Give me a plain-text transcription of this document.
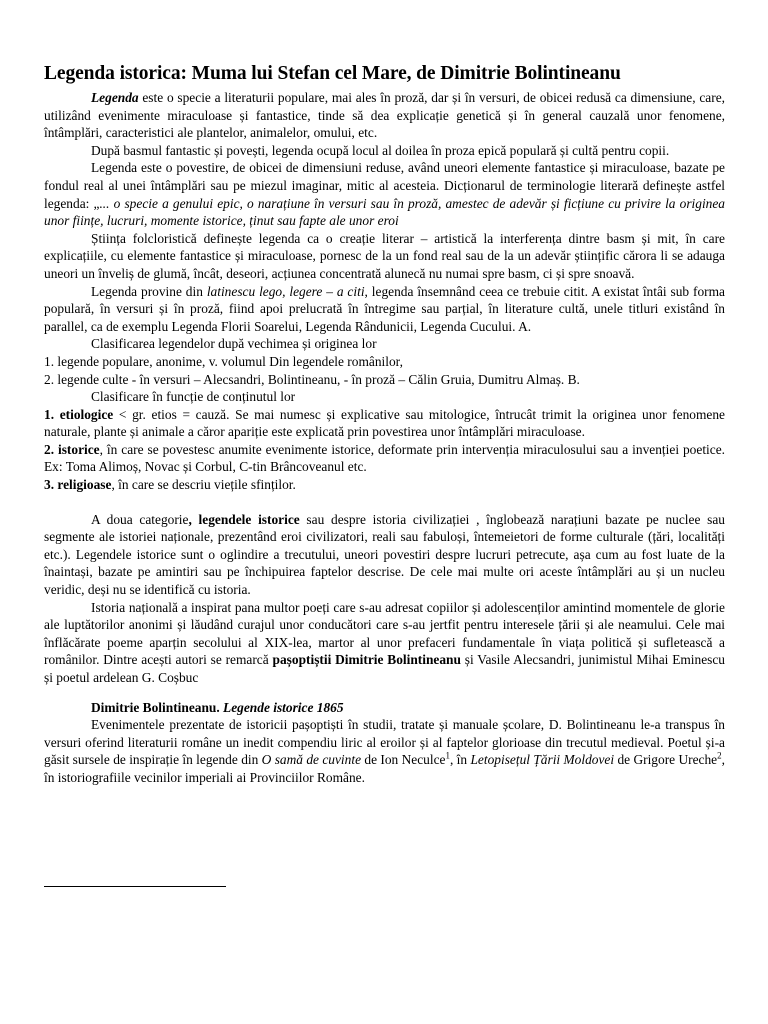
Legenda istorica: Muma lui Stefan cel Mare, de Dimitrie Bolintineanu

Legenda este o specie a literaturii populare, mai ales în proză, dar și în versuri, de obicei redusă ca dimensiune, care, utilizând evenimente miraculoase și fantastice, tinde să dea explicație genetică și în general cauzală unor fenomene, întâmplări, caracteristici ale plantelor, animalelor, omului, etc.

După basmul fantastic și povești, legenda ocupă locul al doilea în proza epică populară și cultă pentru copii.

Legenda este o povestire, de obicei de dimensiuni reduse, având uneori elemente fantastice și miraculoase, bazate pe fondul real al unei întâmplări sau pe miezul imaginar, mitic al acesteia. Dicționarul de terminologie literară definește astfel legenda: „... o specie a genului epic, o narațiune în versuri sau în proză, amestec de adevăr și ficțiune cu privire la originea unor ființe, lucruri, momente istorice, ținut sau fapte ale unor eroi

Știința folcloristică definește legenda ca o creație literar – artistică la interferența dintre basm și mit, în care explicațiile, cu elemente fantastice și miraculoase, pornesc de la un fond real sau de la un adevăr științific cărora li se adauga uneori un înveliș de glumă, încât, deseori, acțiunea concentrată alunecă nu numai spre basm, ci și spre snoavă.

Legenda provine din latinescu lego, legere – a citi, legenda însemnând ceea ce trebuie citit. A existat întâi sub forma populară, în versuri și în proză, fiind apoi prelucrată în întregime sau parțial, în literature cultă, unele titluri existând în parallel, ca de exemplu Legenda Florii Soarelui, Legenda Rândunicii, Legenda Cucului. A.

Clasificarea legendelor după vechimea și originea lor

1. legende populare, anonime, v. volumul Din legendele românilor,

2. legende culte - în versuri – Alecsandri, Bolintineanu, - în proză – Călin Gruia, Dumitru Almaș. B.

Clasificare în funcție de conținutul lor

1. etiologice < gr. etios = cauză. Se mai numesc și explicative sau mitologice, întrucât trimit la originea unor fenomene naturale, plante și animale a căror apariție este explicată prin povestirea unor întâmplări miraculoase.

2. istorice, în care se povestesc anumite evenimente istorice, deformate prin intervenția miraculosului sau a invenției poetice. Ex: Toma Alimoș, Novac și Corbul, C-tin Brâncoveanul etc.

3. religioase, în care se descriu viețile sfinților.

A doua categorie, legendele istorice sau despre istoria civilizației , înglobează narațiuni bazate pe nuclee sau segmente ale istoriei naționale, prezentând eroi civilizatori, reali sau fabuloși, întemeietori de forme culturale (țări, localități etc.). Legendele istorice sunt o oglindire a trecutului, uneori povestiri despre lucruri petrecute, așa cum au fost luate de la înaintași, bazate pe amintiri sau pe închipuirea faptelor descrise. De cele mai multe ori aceste întâmplări au și un nucleu veridic, deși nu se identifică cu istoria.

Istoria națională a inspirat pana multor poeți care s-au adresat copiilor și adolescenților amintind momentele de glorie ale luptătorilor anonimi și lăudând curajul unor conducători care s-au jertfit pentru interesele țării și ale neamului. Cele mai înflăcărate poeme aparțin secolului al XIX-lea, martor al unor prefaceri fundamentale în viața politică și sufletească a românilor. Dintre acești autori se remarcă pașoptiștii Dimitrie Bolintineanu și Vasile Alecsandri, junimistul Mihai Eminescu și poetul ardelean G. Coșbuc

Dimitrie Bolintineanu. Legende istorice 1865

Evenimentele prezentate de istoricii pașoptiști în studii, tratate și manuale școlare, D. Bolintineanu le-a transpus în versuri oferind literaturii române un inedit compendiu liric al eroilor și al faptelor glorioase din trecutul medieval. Poetul și-a găsit sursele de inspirație în legende din O samă de cuvinte de Ion Neculce$^1$, în Letopisețul Țării Moldovei de Grigore Ureche$^2$, în istoriografiile vecinilor imperiali ai Provinciilor Române.
